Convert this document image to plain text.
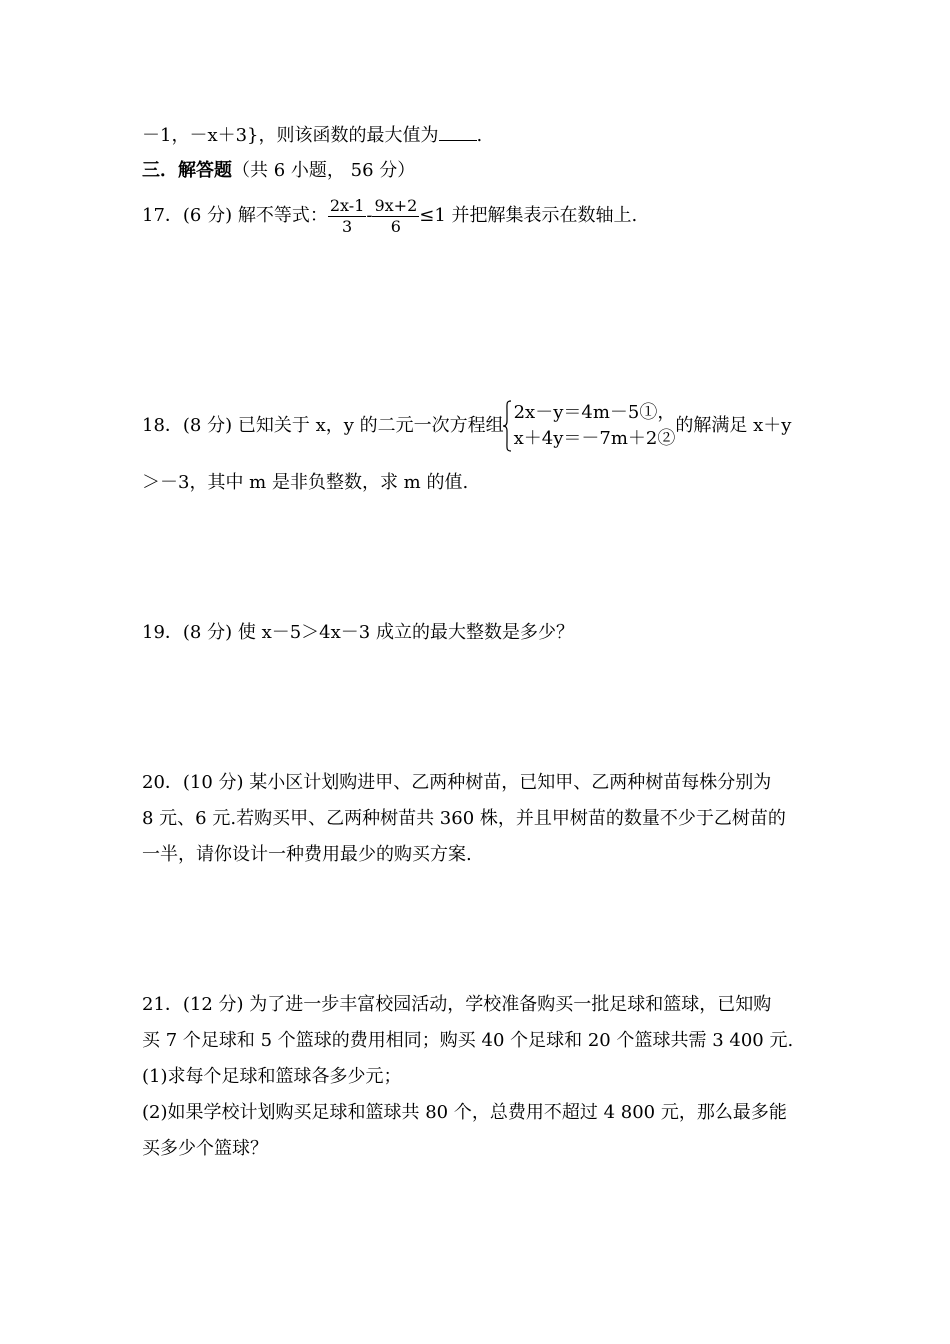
－1，－x＋3}，则该函数的最大值为 .
三．解答题（共 6 小题， 56 分）
17．(6 分) 解不等式： $\frac{2x-1}{3} - \frac{9x+2}{6} \le 1$ 并把解集表示在数轴上.
18．(8 分) 已知关于 x，y 的二元一次方程组
2x－y＝4m－5①，
x＋4y＝－7m＋2②
的解满足 x＋y
＞－3，其中 m 是非负整数，求 m 的值.
19．(8 分) 使 x－5＞4x－3 成立的最大整数是多少？
20．(10 分) 某小区计划购进甲、乙两种树苗，已知甲、乙两种树苗每株分别为
8 元、6 元.若购买甲、乙两种树苗共 360 株，并且甲树苗的数量不少于乙树苗的
一半，请你设计一种费用最少的购买方案.
21．(12 分) 为了进一步丰富校园活动，学校准备购买一批足球和篮球，已知购
买 7 个足球和 5 个篮球的费用相同；购买 40 个足球和 20 个篮球共需 3 400 元.
(1)求每个足球和篮球各多少元；
(2)如果学校计划购买足球和篮球共 80 个，总费用不超过 4 800 元，那么最多能
买多少个篮球？
